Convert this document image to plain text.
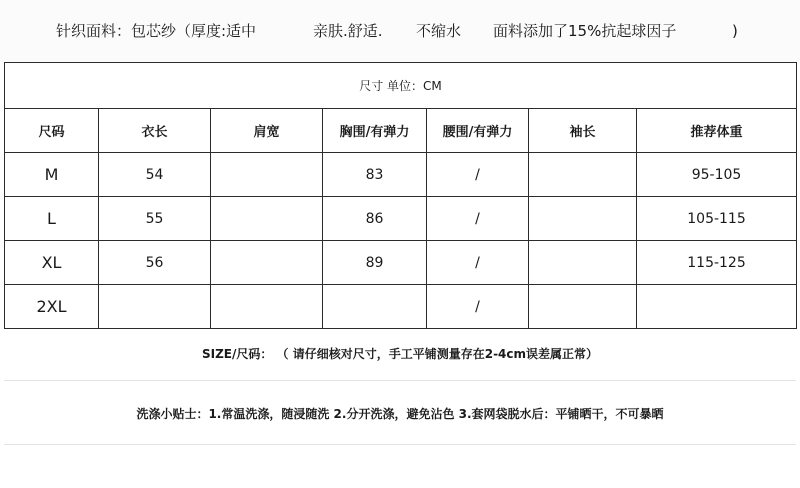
针织面料：包芯纱（厚度:适中

	亲肤.舒适.

不缩水

面料添加了15%抗起球因子

	)

尺寸 单位：CM						
尺码	衣长	肩宽	胸围/有弹力	腰围/有弹力	袖长	推荐体重
M	54		83	/		95-105
L	55		86	/		105-115
XL	56		89	/		115-125
2XL				/		
SIZE/尺码： （ 请仔细核对尺寸，手工平铺测量存在2-4cm误差属正常）
洗涤小贴士：1.常温洗涤，随浸随洗 2.分开洗涤，避免沾色 3.套网袋脱水后：平铺晒干，不可暴晒
